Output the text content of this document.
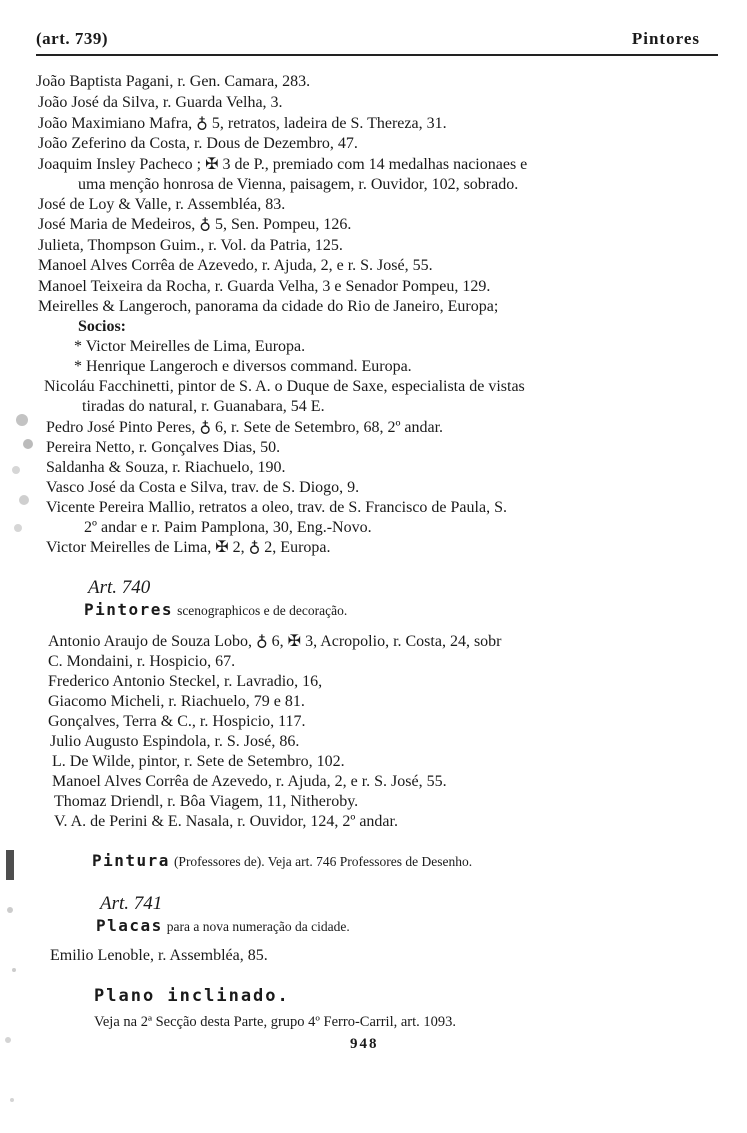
(art. 739)	Pintores
João Baptista Pagani, r. Gen. Camara, 283.
João José da Silva, r. Guarda Velha, 3.
João Maximiano Mafra, ♁ 5, retratos, ladeira de S. Thereza, 31.
João Zeferino da Costa, r. Dous de Dezembro, 47.
Joaquim Insley Pacheco ; ✠ 3 de P., premiado com 14 medalhas nacionaes e
uma menção honrosa de Vienna, paisagem, r. Ouvidor, 102, sobrado.
José de Loy & Valle, r. Assembléa, 83.
José Maria de Medeiros, ♁ 5, Sen. Pompeu, 126.
Julieta, Thompson Guim., r. Vol. da Patria, 125.
Manoel Alves Corrêa de Azevedo, r. Ajuda, 2, e r. S. José, 55.
Manoel Teixeira da Rocha, r. Guarda Velha, 3 e Senador Pompeu, 129.
Meirelles & Langeroch, panorama da cidade do Rio de Janeiro, Europa;
Socios:
* Victor Meirelles de Lima, Europa.
* Henrique Langeroch e diversos command. Europa.
Nicoláu Facchinetti, pintor de S. A. o Duque de Saxe, especialista de vistas
tiradas do natural, r. Guanabara, 54 E.
Pedro José Pinto Peres, ♁ 6, r. Sete de Setembro, 68, 2º andar.
Pereira Netto, r. Gonçalves Dias, 50.
Saldanha & Souza, r. Riachuelo, 190.
Vasco José da Costa e Silva, trav. de S. Diogo, 9.
Vicente Pereira Mallio, retratos a oleo, trav. de S. Francisco de Paula, S.
2º andar e r. Paim Pamplona, 30, Eng.-Novo.
Victor Meirelles de Lima, ✠ 2, ♁ 2, Europa.
Art. 740
Pintores scenographicos e de decoração.
Antonio Araujo de Souza Lobo, ♁ 6, ✠ 3, Acropolio, r. Costa, 24, sobr
C. Mondaini, r. Hospicio, 67.
Frederico Antonio Steckel, r. Lavradio, 16,
Giacomo Micheli, r. Riachuelo, 79 e 81.
Gonçalves, Terra & C., r. Hospicio, 117.
Julio Augusto Espindola, r. S. José, 86.
L. De Wilde, pintor, r. Sete de Setembro, 102.
Manoel Alves Corrêa de Azevedo, r. Ajuda, 2, e r. S. José, 55.
Thomaz Driendl, r. Bôa Viagem, 11, Nitheroby.
V. A. de Perini & E. Nasala, r. Ouvidor, 124, 2º andar.
Pintura (Professores de). Veja art. 746 Professores de Desenho.
Art. 741
Placas para a nova numeração da cidade.
Emilio Lenoble, r. Assembléa, 85.
Plano inclinado.
Veja na 2ª Secção desta Parte, grupo 4º Ferro-Carril, art. 1093.
948
